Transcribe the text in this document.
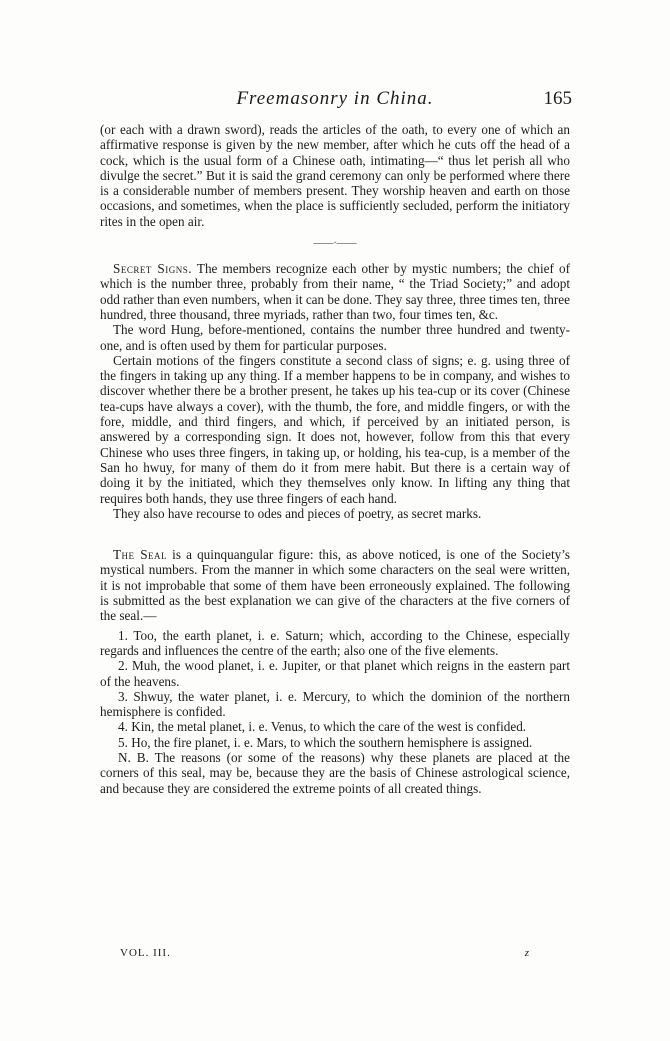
Freemasonry in China.	165

(or each with a drawn sword), reads the articles of the oath, to every one of which an affirmative response is given by the new member, after which he cuts off the head of a cock, which is the usual form of a Chinese oath, intimating—“ thus let perish all who divulge the secret.” But it is said the grand ceremony can only be performed where there is a considerable number of members present. They worship heaven and earth on those occasions, and sometimes, when the place is sufficiently secluded, perform the initiatory rites in the open air.

——·——

Secret Signs. The members recognize each other by mystic numbers; the chief of which is the number three, probably from their name, “ the Triad Society;” and adopt odd rather than even numbers, when it can be done. They say three, three times ten, three hundred, three thousand, three myriads, rather than two, four times ten, &c.

The word Hung, before-mentioned, contains the number three hundred and twenty-one, and is often used by them for particular purposes.

Certain motions of the fingers constitute a second class of signs; e. g. using three of the fingers in taking up any thing. If a member happens to be in company, and wishes to discover whether there be a brother present, he takes up his tea-cup or its cover (Chinese tea-cups have always a cover), with the thumb, the fore, and middle fingers, or with the fore, middle, and third fingers, and which, if perceived by an initiated person, is answered by a corresponding sign. It does not, however, follow from this that every Chinese who uses three fingers, in taking up, or holding, his tea-cup, is a member of the San ho hwuy, for many of them do it from mere habit. But there is a certain way of doing it by the initiated, which they themselves only know. In lifting any thing that requires both hands, they use three fingers of each hand.

They also have recourse to odes and pieces of poetry, as secret marks.

The Seal is a quinquangular figure: this, as above noticed, is one of the Society’s mystical numbers. From the manner in which some characters on the seal were written, it is not improbable that some of them have been erroneously explained. The following is submitted as the best explanation we can give of the characters at the five corners of the seal.—

1. Too, the earth planet, i. e. Saturn; which, according to the Chinese, especially regards and influences the centre of the earth; also one of the five elements.

2. Muh, the wood planet, i. e. Jupiter, or that planet which reigns in the eastern part of the heavens.

3. Shwuy, the water planet, i. e. Mercury, to which the dominion of the northern hemisphere is confided.

4. Kin, the metal planet, i. e. Venus, to which the care of the west is confided.

5. Ho, the fire planet, i. e. Mars, to which the southern hemisphere is assigned.

N. B. The reasons (or some of the reasons) why these planets are placed at the corners of this seal, may be, because they are the basis of Chinese astrological science, and because they are considered the extreme points of all created things.

VOL. III.	z
